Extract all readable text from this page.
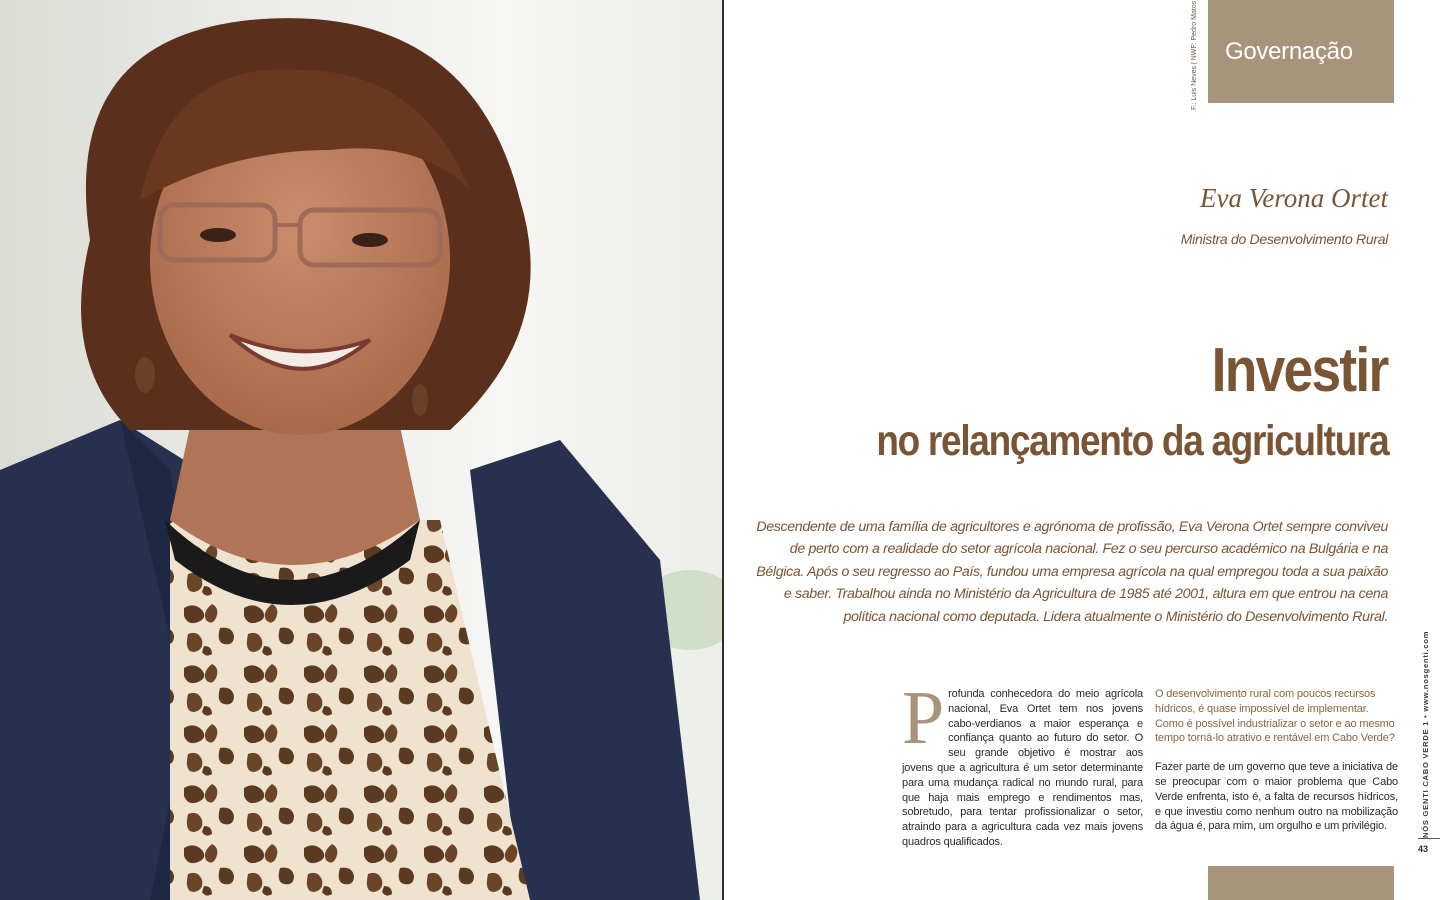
F.: Luis Neves | NWF: Pedro Matos Governação
Eva Verona Ortet
Ministra do Desenvolvimento Rural
Investir
no relançamento da agricultura
Descendente de uma família de agricultores e agrónoma de profissão, Eva Verona Ortet sempre conviveu de perto com a realidade do setor agrícola nacional. Fez o seu percurso académico na Bulgária e na Bélgica. Após o seu regresso ao País, fundou uma empresa agrícola na qual empregou toda a sua paixão e saber. Trabalhou ainda no Ministério da Agricultura de 1985 até 2001, altura em que entrou na cena política nacional como deputada. Lidera atualmente o Ministério do Desenvolvimento Rural.
Profunda conhecedora do meio agrícola nacional, Eva Ortet tem nos jovens cabo-verdianos a maior esperança e confiança quanto ao futuro do setor. O seu grande objetivo é mostrar aos jovens que a agricultura é um setor determinante para uma mudança radical no mundo rural, para que haja mais emprego e rendimentos mas, sobretudo, para tentar profissionalizar o setor, atraindo para a agricultura cada vez mais jovens quadros qualificados.

O desenvolvimento rural com poucos recursos hídricos, é quase impossível de implementar. Como é possível industrializar o setor e ao mesmo tempo torná-lo atrativo e rentável em Cabo Verde?

Fazer parte de um governo que teve a iniciativa de se preocupar com o maior problema que Cabo Verde enfrenta, isto é, a falta de recursos hídricos, e que investiu como nenhum outro na mobilização da água é, para mim, um orgulho e um privilégio.	NÓS GENTI CABO VERDE 1 • www.nosgenti.com
43
